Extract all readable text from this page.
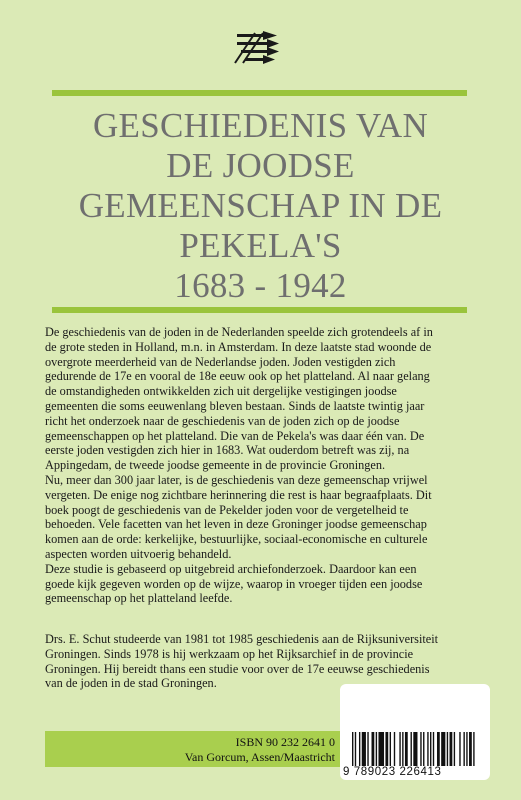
GESCHIEDENIS VAN
DE JOODSE
GEMEENSCHAP IN DE
PEKELA'S
1683 - 1942
De geschiedenis van de joden in de Nederlanden speelde zich grotendeels af in
de grote steden in Holland, m.n. in Amsterdam. In deze laatste stad woonde de
overgrote meerderheid van de Nederlandse joden. Joden vestigden zich
gedurende de 17e en vooral de 18e eeuw ook op het platteland. Al naar gelang
de omstandigheden ontwikkelden zich uit dergelijke vestigingen joodse
gemeenten die soms eeuwenlang bleven bestaan. Sinds de laatste twintig jaar
richt het onderzoek naar de geschiedenis van de joden zich op de joodse
gemeenschappen op het platteland. Die van de Pekela's was daar één van. De
eerste joden vestigden zich hier in 1683. Wat ouderdom betreft was zij, na
Appingedam, de tweede joodse gemeente in de provincie Groningen.
Nu, meer dan 300 jaar later, is de geschiedenis van deze gemeenschap vrijwel
vergeten. De enige nog zichtbare herinnering die rest is haar begraafplaats. Dit
boek poogt de geschiedenis van de Pekelder joden voor de vergetelheid te
behoeden. Vele facetten van het leven in deze Groninger joodse gemeenschap
komen aan de orde: kerkelijke, bestuurlijke, sociaal-economische en culturele
aspecten worden uitvoerig behandeld.
Deze studie is gebaseerd op uitgebreid archiefonderzoek. Daardoor kan een
goede kijk gegeven worden op de wijze, waarop in vroeger tijden een joodse
gemeenschap op het platteland leefde.
Drs. E. Schut studeerde van 1981 tot 1985 geschiedenis aan de Rijksuniversiteit
Groningen. Sinds 1978 is hij werkzaam op het Rijksarchief in de provincie
Groningen. Hij bereidt thans een studie voor over de 17e eeuwse geschiedenis
van de joden in de stad Groningen.
ISBN 90 232 2641 0
Van Gorcum, Assen/Maastricht
9 789023 226413
